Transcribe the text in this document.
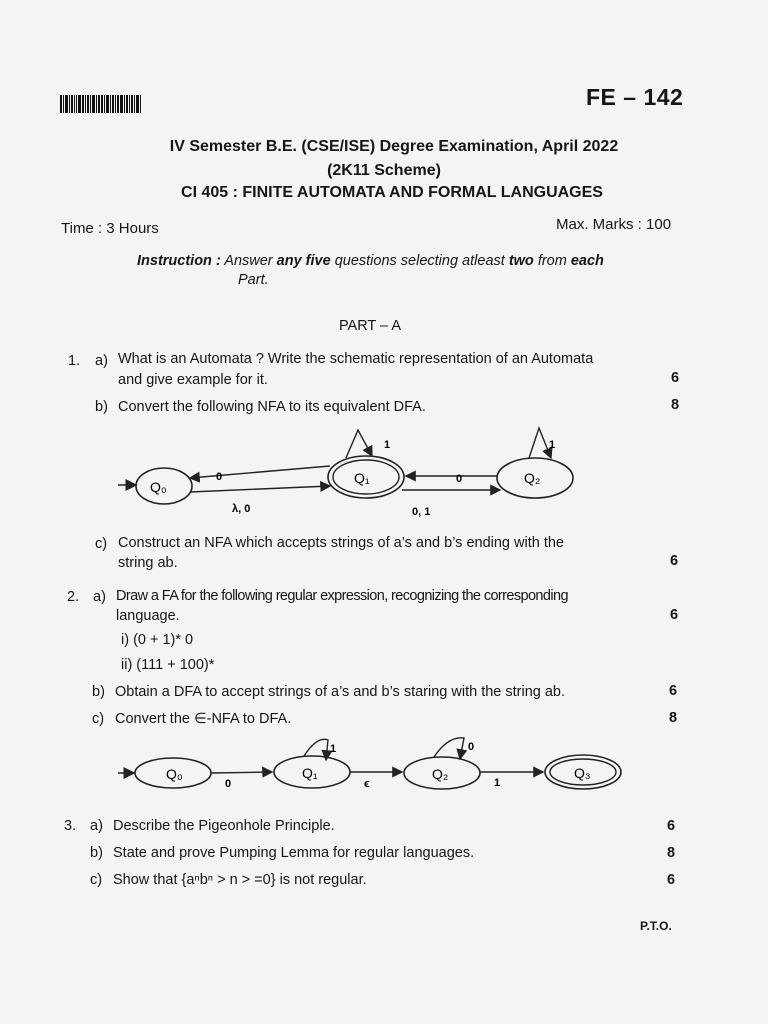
FE – 142
IV Semester B.E. (CSE/ISE) Degree Examination, April 2022
(2K11 Scheme)
CI 405 : FINITE AUTOMATA AND FORMAL LANGUAGES
Time : 3 Hours	Max. Marks : 100
Instruction : Answer any five questions selecting atleast two from each
Part.
PART – A
1. a) What is an Automata ? Write the schematic representation of an Automata
and give example for it.	6
b) Convert the following NFA to its equivalent DFA.	8
Q₀
Q₁	Q₂
1	1
0
λ, 0
0
0, 1
c) Construct an NFA which accepts strings of a’s and b’s ending with the
string ab.	6
2. a) Draw a FA for the following regular expression, recognizing the corresponding
language.	6
i) (0 + 1)* 0
ii) (111 + 100)*
b) Obtain a DFA to accept strings of a’s and b’s staring with the string ab.	6
c) Convert the ∈-NFA to DFA.	8
Q₀	Q₁	Q₂	Q₃
1	0
0	ϵ	1
3. a) Describe the Pigeonhole Principle.	6
b) State and prove Pumping Lemma for regular languages.	8
c) Show that {aⁿbⁿ > n > =0} is not regular.	6
P.T.O.
